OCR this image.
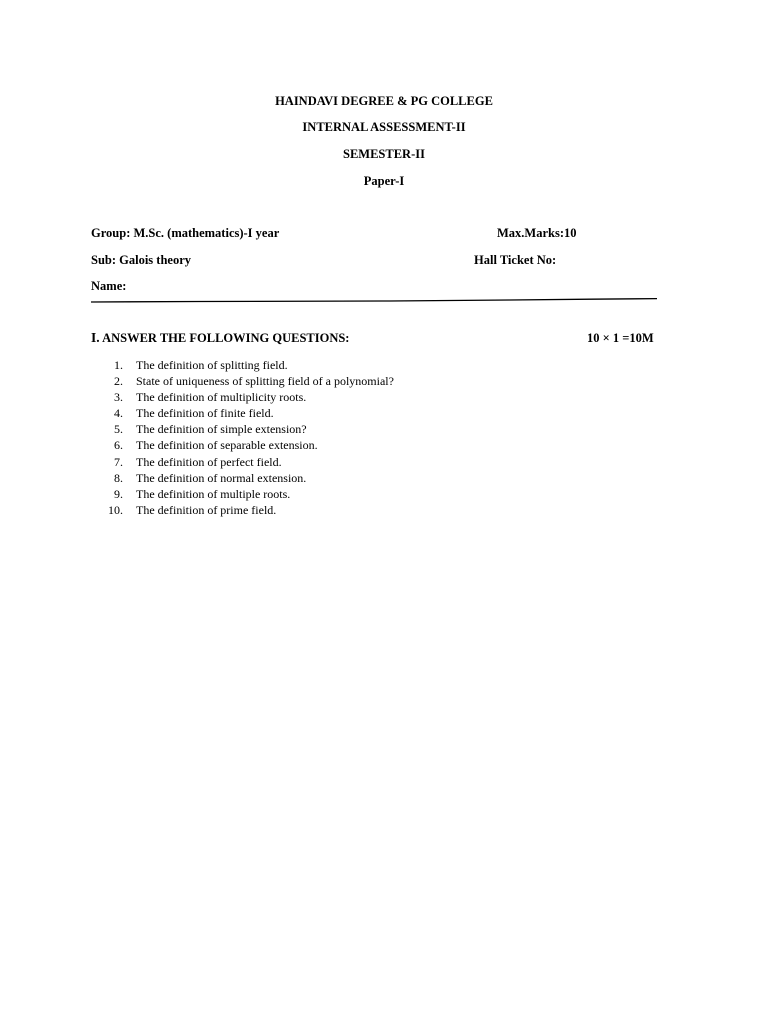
HAINDAVI DEGREE & PG COLLEGE
INTERNAL ASSESSMENT-II
SEMESTER-II
Paper-I
Group: M.Sc. (mathematics)-I year	Max.Marks:10
Sub: Galois theory	Hall Ticket No:
Name:
I. ANSWER THE FOLLOWING QUESTIONS:	10 × 1 =10M
1. The definition of splitting field.
2. State of uniqueness of splitting field of a polynomial?
3. The definition of multiplicity roots.
4. The definition of finite field.
5. The definition of simple extension?
6. The definition of separable extension.
7. The definition of perfect field.
8. The definition of normal extension.
9. The definition of multiple roots.
10. The definition of prime field.
